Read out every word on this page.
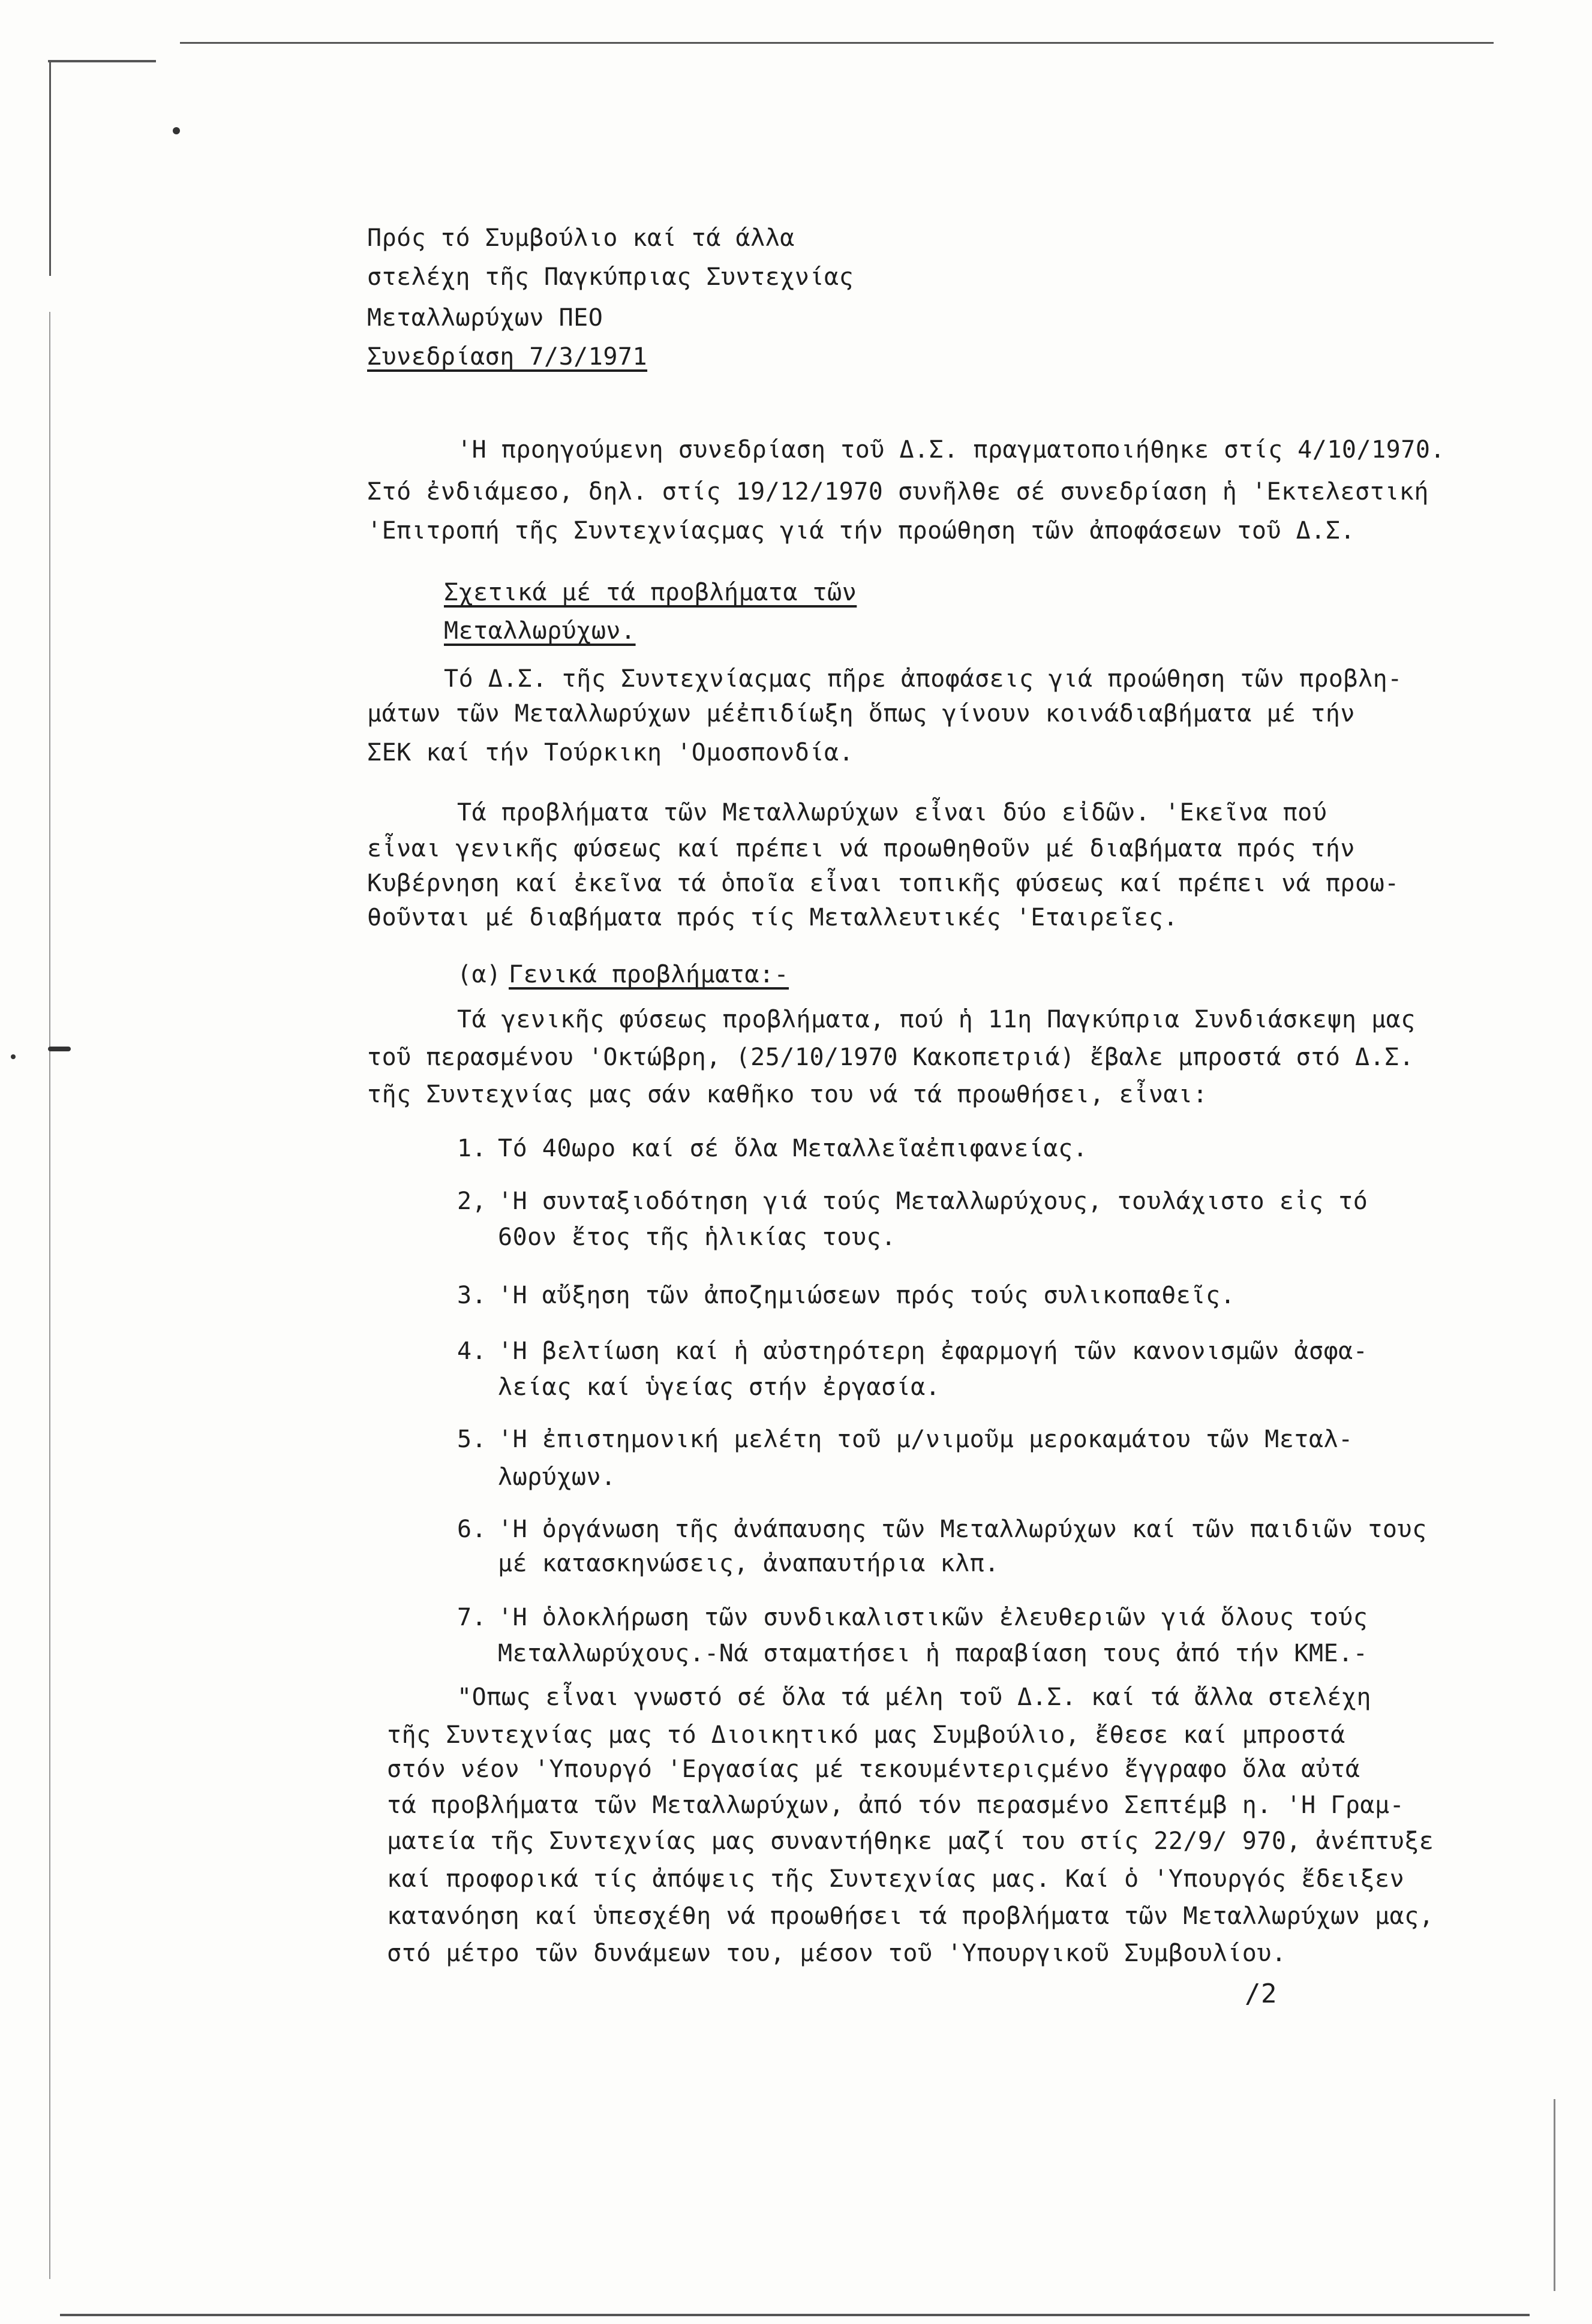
Πρός τό Συμβούλιο καί τά άλλα
στελέχη τῆς Παγκύπριας Συντεχνίας
Μεταλλωρύχων ΠΕΟ
Συνεδρίαση 7/3/1971
'Η προηγούμενη συνεδρίαση τοῦ Δ.Σ. πραγματοποιήθηκε στίς 4/10/1970.
Στό ἐνδιάμεσο, δηλ. στίς 19/12/1970 συνῆλθε σέ συνεδρίαση ἡ 'Εκτελεστική
'Επιτροπή τῆς Συντεχνίαςμας γιά τήν προώθηση τῶν ἀποφάσεων τοῦ Δ.Σ.
Σχετικά μέ τά προβλήματα τῶν
Μεταλλωρύχων.
Τό Δ.Σ. τῆς Συντεχνίαςμας πῆρε ἀποφάσεις γιά προώθηση τῶν προβλη-
μάτων τῶν Μεταλλωρύχων μέἐπιδίωξη ὅπως γίνουν κοινάδιαβήματα μέ τήν
ΣΕΚ καί τήν Τούρκικη 'Ομοσπονδία.
Τά προβλήματα τῶν Μεταλλωρύχων εἶναι δύο εἰδῶν. 'Εκεῖνα πού
εἶναι γενικῆς φύσεως καί πρέπει νά προωθηθοῦν μέ διαβήματα πρός τήν
Κυβέρνηση καί ἐκεῖνα τά ὁποῖα εἶναι τοπικῆς φύσεως καί πρέπει νά προω-
θοῦνται μέ διαβήματα πρός τίς Μεταλλευτικές 'Εταιρεῖες.
(α) Γενικά προβλήματα:-
Τά γενικῆς φύσεως προβλήματα, πού ἡ 11η Παγκύπρια Συνδιάσκεψη μας
τοῦ περασμένου 'Οκτώβρη, (25/10/1970 Κακοπετριά) ἔβαλε μπροστά στό Δ.Σ.
τῆς Συντεχνίας μας σάν καθῆκο του νά τά προωθήσει, εἶναι:
1. Τό 40ωρο καί σέ ὅλα Μεταλλεῖαἐπιφανείας.
2, 'Η συνταξιοδότηση γιά τούς Μεταλλωρύχους, τουλάχιστο εἰς τό
60ον ἔτος τῆς ἡλικίας τους.
3. 'Η αὔξηση τῶν ἀποζημιώσεων πρός τούς συλικοπαθεῖς.
4. 'Η βελτίωση καί ἡ αὐστηρότερη ἐφαρμογή τῶν κανονισμῶν ἀσφα-
λείας καί ὑγείας στήν ἐργασία.
5. 'Η ἐπιστημονική μελέτη τοῦ μ/νιμοῦμ μεροκαμάτου τῶν Μεταλ-
λωρύχων.
6. 'Η ὀργάνωση τῆς ἀνάπαυσης τῶν Μεταλλωρύχων καί τῶν παιδιῶν τους
μέ κατασκηνώσεις, ἀναπαυτήρια κλπ.
7. 'Η ὁλοκλήρωση τῶν συνδικαλιστικῶν ἐλευθεριῶν γιά ὅλους τούς
Μεταλλωρύχους.-Νά σταματήσει ἡ παραβίαση τους ἀπό τήν ΚΜΕ.-
"Οπως εἶναι γνωστό σέ ὅλα τά μέλη τοῦ Δ.Σ. καί τά ἄλλα στελέχη
τῆς Συντεχνίας μας τό Διοικητικό μας Συμβούλιο, ἔθεσε καί μπροστά
στόν νέον 'Υπουργό 'Εργασίας μέ τεκουμέντεριςμένο ἔγγραφο ὅλα αὐτά
τά προβλήματα τῶν Μεταλλωρύχων, ἀπό τόν περασμένο Σεπτέμβ η. 'Η Γραμ-
ματεία τῆς Συντεχνίας μας συναντήθηκε μαζί του στίς 22/9/ 970, ἀνέπτυξε
καί προφορικά τίς ἀπόψεις τῆς Συντεχνίας μας. Καί ὁ 'Υπουργός ἔδειξεν
κατανόηση καί ὑπεσχέθη νά προωθήσει τά προβλήματα τῶν Μεταλλωρύχων μας,
στό μέτρο τῶν δυνάμεων του, μέσον τοῦ 'Υπουργικοῦ Συμβουλίου.
/2
